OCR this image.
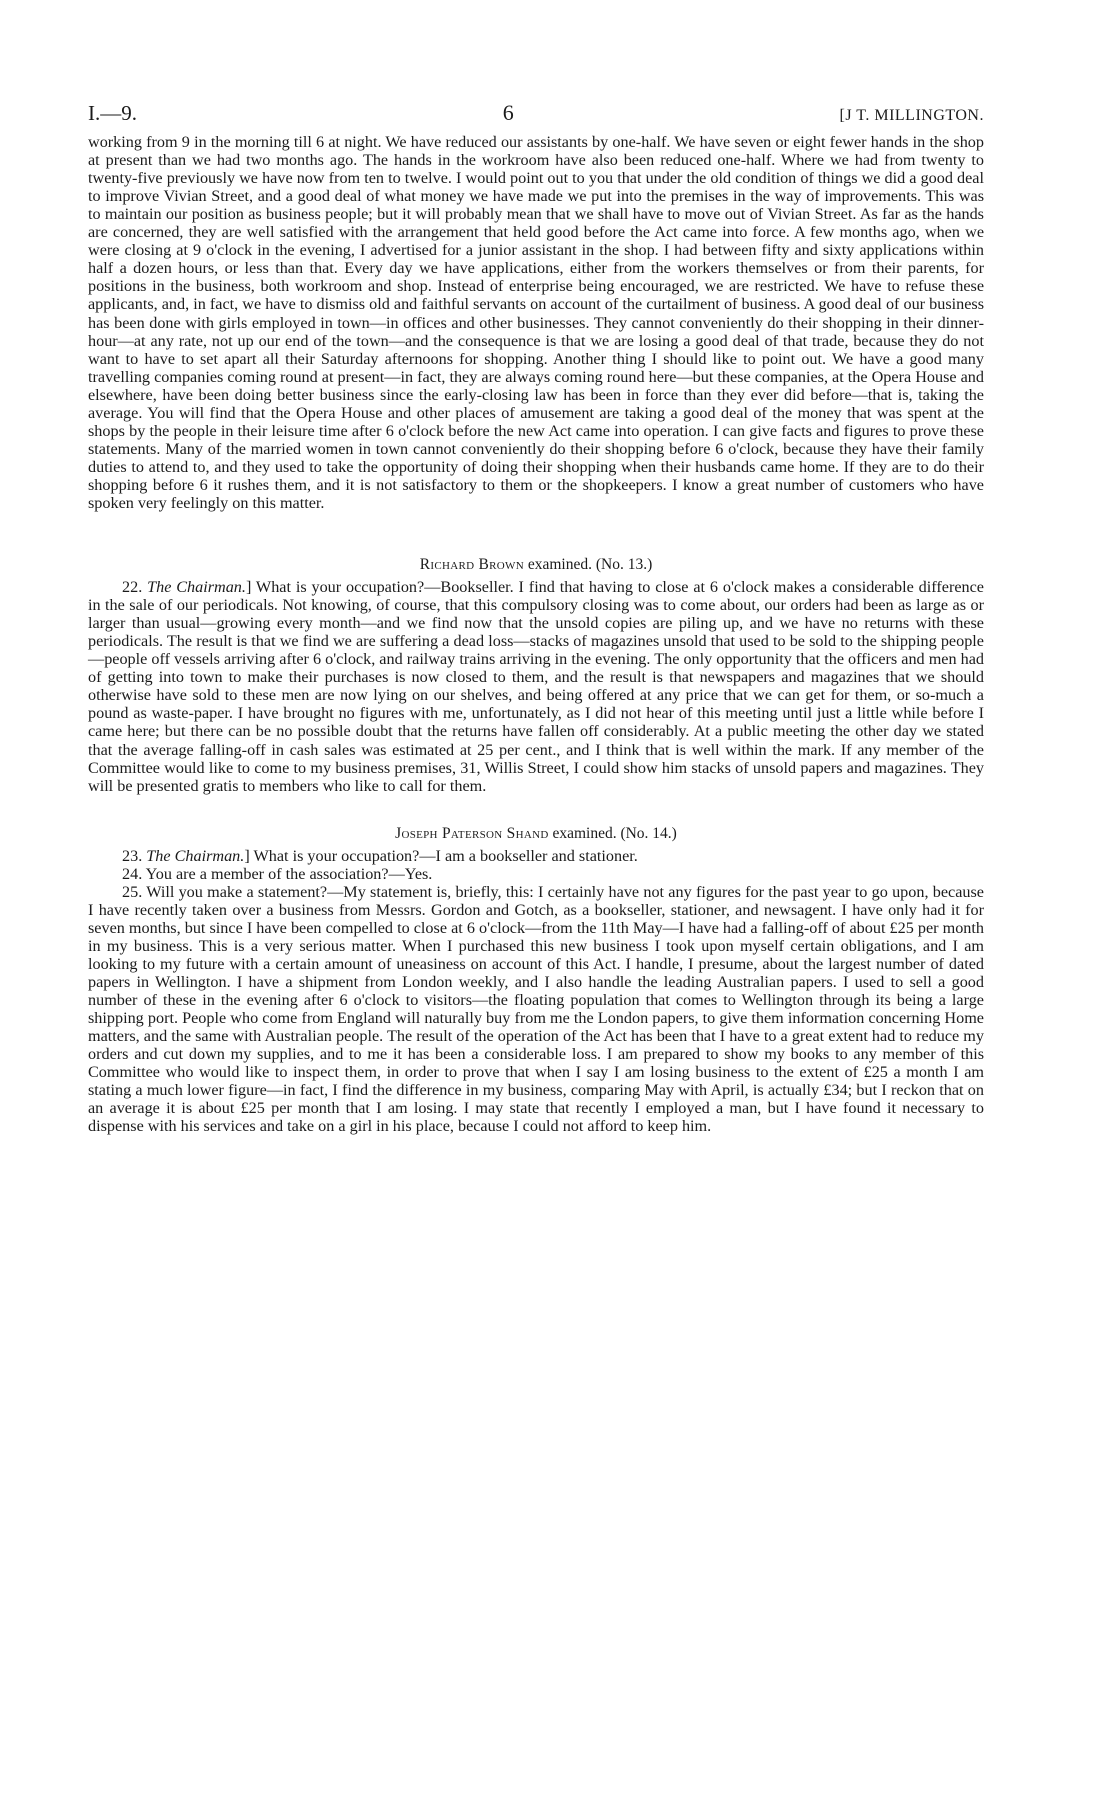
I.—9.	6	[J T. MILLINGTON.

working from 9 in the morning till 6 at night. We have reduced our assistants by one-half. We have seven or eight fewer hands in the shop at present than we had two months ago. The hands in the workroom have also been reduced one-half. Where we had from twenty to twenty-five previously we have now from ten to twelve. I would point out to you that under the old condition of things we did a good deal to improve Vivian Street, and a good deal of what money we have made we put into the premises in the way of improvements. This was to maintain our position as business people; but it will probably mean that we shall have to move out of Vivian Street. As far as the hands are concerned, they are well satisfied with the arrangement that held good before the Act came into force. A few months ago, when we were closing at 9 o'clock in the evening, I advertised for a junior assistant in the shop. I had between fifty and sixty applications within half a dozen hours, or less than that. Every day we have applications, either from the workers themselves or from their parents, for positions in the business, both workroom and shop. Instead of enterprise being encouraged, we are restricted. We have to refuse these applicants, and, in fact, we have to dismiss old and faithful servants on account of the curtailment of business. A good deal of our business has been done with girls employed in town—in offices and other businesses. They cannot conveniently do their shopping in their dinner-hour—at any rate, not up our end of the town—and the consequence is that we are losing a good deal of that trade, because they do not want to have to set apart all their Saturday afternoons for shopping. Another thing I should like to point out. We have a good many travelling companies coming round at present—in fact, they are always coming round here—but these companies, at the Opera House and elsewhere, have been doing better business since the early-closing law has been in force than they ever did before—that is, taking the average. You will find that the Opera House and other places of amusement are taking a good deal of the money that was spent at the shops by the people in their leisure time after 6 o'clock before the new Act came into operation. I can give facts and figures to prove these statements. Many of the married women in town cannot conveniently do their shopping before 6 o'clock, because they have their family duties to attend to, and they used to take the opportunity of doing their shopping when their husbands came home. If they are to do their shopping before 6 it rushes them, and it is not satisfactory to them or the shopkeepers. I know a great number of customers who have spoken very feelingly on this matter.

Richard Brown examined. (No. 13.)

22. The Chairman.] What is your occupation?—Bookseller. I find that having to close at 6 o'clock makes a considerable difference in the sale of our periodicals. Not knowing, of course, that this compulsory closing was to come about, our orders had been as large as or larger than usual—growing every month—and we find now that the unsold copies are piling up, and we have no returns with these periodicals. The result is that we find we are suffering a dead loss—stacks of magazines unsold that used to be sold to the shipping people—people off vessels arriving after 6 o'clock, and railway trains arriving in the evening. The only opportunity that the officers and men had of getting into town to make their purchases is now closed to them, and the result is that newspapers and magazines that we should otherwise have sold to these men are now lying on our shelves, and being offered at any price that we can get for them, or so-much a pound as waste-paper. I have brought no figures with me, unfortunately, as I did not hear of this meeting until just a little while before I came here; but there can be no possible doubt that the returns have fallen off considerably. At a public meeting the other day we stated that the average falling-off in cash sales was estimated at 25 per cent., and I think that is well within the mark. If any member of the Committee would like to come to my business premises, 31, Willis Street, I could show him stacks of unsold papers and magazines. They will be presented gratis to members who like to call for them.

Joseph Paterson Shand examined. (No. 14.)

23. The Chairman.] What is your occupation?—I am a bookseller and stationer.

24. You are a member of the association?—Yes.

25. Will you make a statement?—My statement is, briefly, this: I certainly have not any figures for the past year to go upon, because I have recently taken over a business from Messrs. Gordon and Gotch, as a bookseller, stationer, and newsagent. I have only had it for seven months, but since I have been compelled to close at 6 o'clock—from the 11th May—I have had a falling-off of about £25 per month in my business. This is a very serious matter. When I purchased this new business I took upon myself certain obligations, and I am looking to my future with a certain amount of uneasiness on account of this Act. I handle, I presume, about the largest number of dated papers in Wellington. I have a shipment from London weekly, and I also handle the leading Australian papers. I used to sell a good number of these in the evening after 6 o'clock to visitors—the floating population that comes to Wellington through its being a large shipping port. People who come from England will naturally buy from me the London papers, to give them information concerning Home matters, and the same with Australian people. The result of the operation of the Act has been that I have to a great extent had to reduce my orders and cut down my supplies, and to me it has been a considerable loss. I am prepared to show my books to any member of this Committee who would like to inspect them, in order to prove that when I say I am losing business to the extent of £25 a month I am stating a much lower figure—in fact, I find the difference in my business, comparing May with April, is actually £34; but I reckon that on an average it is about £25 per month that I am losing. I may state that recently I employed a man, but I have found it necessary to dispense with his services and take on a girl in his place, because I could not afford to keep him.
